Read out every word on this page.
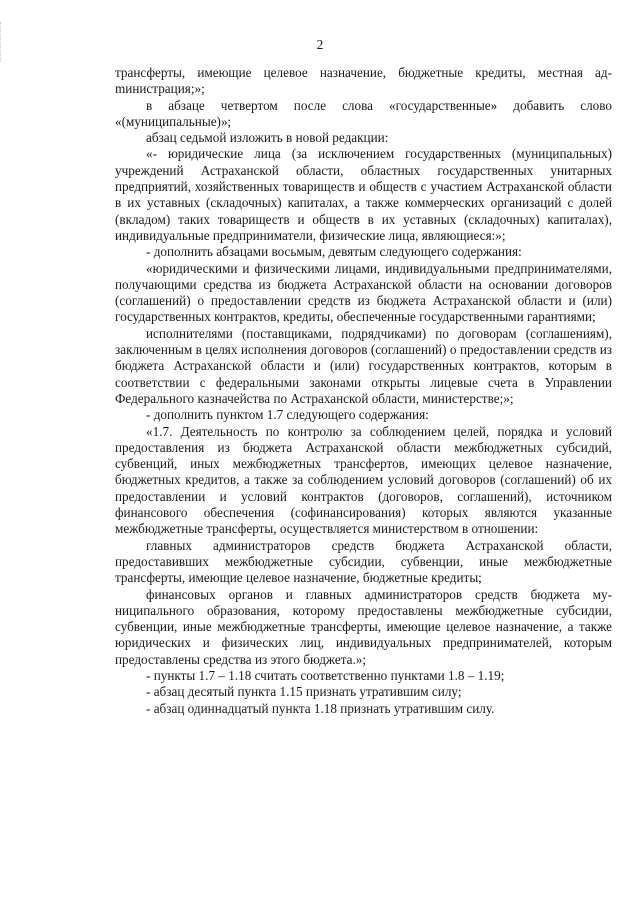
2

трансферты, имеющие целевое назначение, бюджетные кредиты, местная адmинистрация;»;

в абзаце четвертом после слова «государственные» добавить слово «(муниципальные)»;

абзац седьмой изложить в новой редакции:

«- юридические лица (за исключением государственных (муниципальных) учреждений Астраханской области, областных государственных унитарных предприятий, хозяйственных товариществ и обществ с участием Астраханской области в их уставных (складочных) капиталах, а также коммерческих организаций с долей (вкладом) таких товариществ и обществ в их уставных (складочных) капиталах), индивидуальные предприниматели, физические лица, являющиеся:»;

- дополнить абзацами восьмым, девятым следующего содержания:

«юридическими и физическими лицами, индивидуальными предпринимателями, получающими средства из бюджета Астраханской области на основании договоров (соглашений) о предоставлении средств из бюджета Астраханской области и (или) государственных контрактов, кредиты, обеспеченные государственными гарантиями;

исполнителями (поставщиками, подрядчиками) по договорам (соглашениям), заключенным в целях исполнения договоров (соглашений) о предоставлении средств из бюджета Астраханской области и (или) государственных контрактов, которым в соответствии с федеральными законами открыты лицевые счета в Управлении Федерального казначейства по Астраханской области, министерстве;»;

- дополнить пунктом 1.7 следующего содержания:

«1.7. Деятельность по контролю за соблюдением целей, порядка и условий предоставления из бюджета Астраханской области межбюджетных субсидий, субвенций, иных межбюджетных трансфертов, имеющих целевое назначение, бюджетных кредитов, а также за соблюдением условий договоров (соглашений) об их предоставлении и условий контрактов (договоров, соглашений), источником финансового обеспечения (софинансирования) которых являются указанные межбюджетные трансферты, осуществляется министерством в отношении:

главных администраторов средств бюджета Астраханской области, предоставивших межбюджетные субсидии, субвенции, иные межбюджетные трансферты, имеющие целевое назначение, бюджетные кредиты;

финансовых органов и главных администраторов средств бюджета муниципального образования, которому предоставлены межбюджетные субсидии, субвенции, иные межбюджетные трансферты, имеющие целевое назначение, а также юридических и физических лиц, индивидуальных предпринимателей, которым предоставлены средства из этого бюджета.»;

- пункты 1.7 – 1.18 считать соответственно пунктами 1.8 – 1.19;

- абзац десятый пункта 1.15 признать утратившим силу;

- абзац одиннадцатый пункта 1.18 признать утратившим силу.
